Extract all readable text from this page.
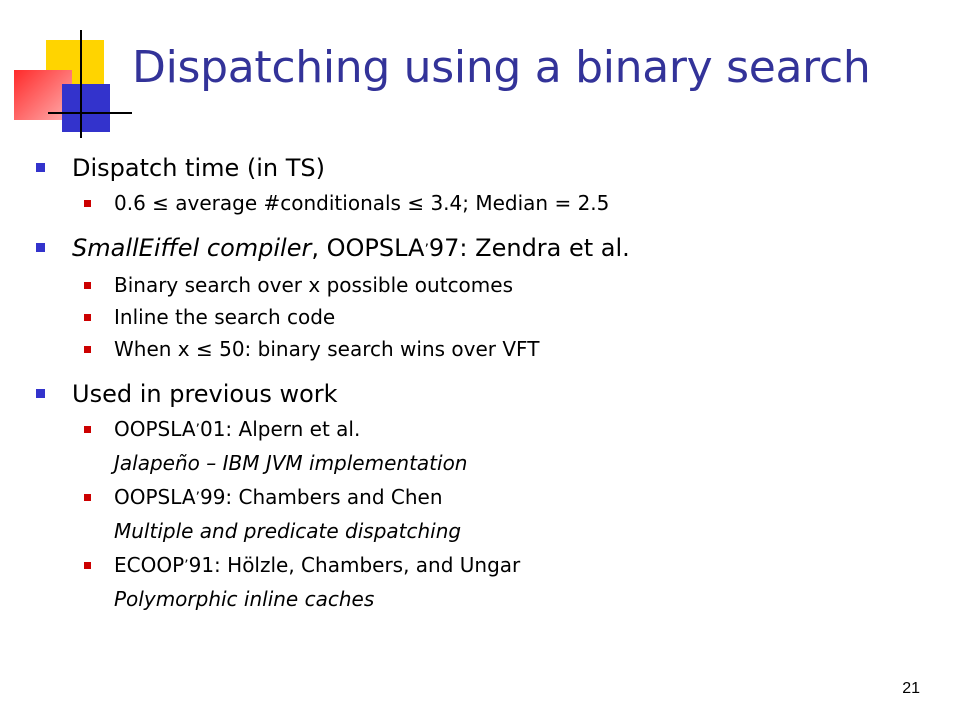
Dispatching using a binary search
Dispatch time (in TS)
0.6 ≤ average #conditionals ≤ 3.4; Median = 2.5
SmallEiffel compiler, OOPSLA’97: Zendra et al.
Binary search over x possible outcomes
Inline the search code
When x ≤ 50: binary search wins over VFT
Used in previous work
OOPSLA’01: Alpern et al.
Jalapeño – IBM JVM implementation
OOPSLA’99: Chambers and Chen
Multiple and predicate dispatching
ECOOP’91: Hölzle, Chambers, and Ungar
Polymorphic inline caches
21
